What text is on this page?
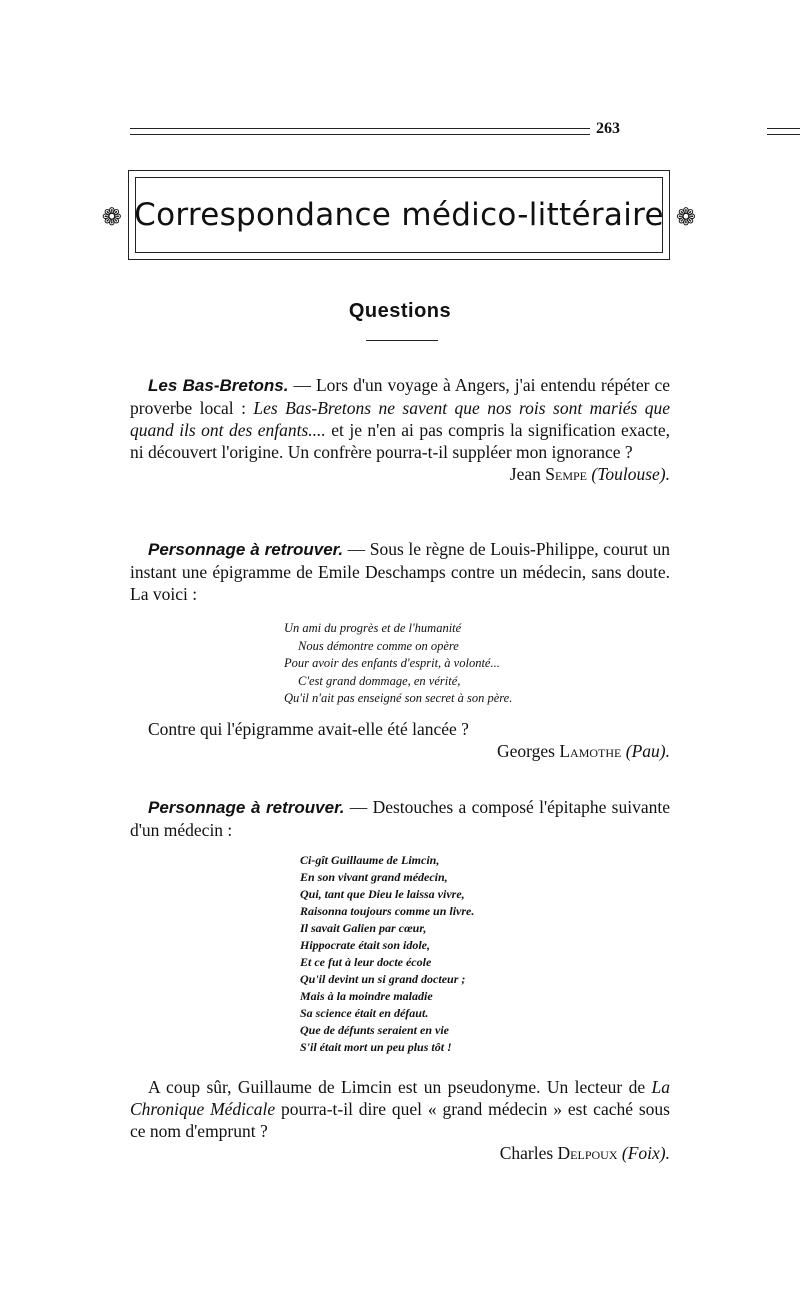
263
❁ Correspondance médico-littéraire ❁
Questions

Les Bas-Bretons. — Lors d'un voyage à Angers, j'ai entendu répéter ce proverbe local : Les Bas-Bretons ne savent que nos rois sont mariés que quand ils ont des enfants.... et je n'en ai pas compris la signification exacte, ni découvert l'origine. Un confrère pourra-t-il suppléer mon ignorance ?

Jean Sempe (Toulouse).

Personnage à retrouver. — Sous le règne de Louis-Philippe, courut un instant une épigramme de Emile Deschamps contre un médecin, sans doute. La voici :

Un ami du progrès et de l'humanité
Nous démontre comme on opère
Pour avoir des enfants d'esprit, à volonté...
C'est grand dommage, en vérité,
Qu'il n'ait pas enseigné son secret à son père.

Contre qui l'épigramme avait-elle été lancée ?

Georges Lamothe (Pau).

Personnage à retrouver. — Destouches a composé l'épitaphe suivante d'un médecin :

Ci-gît Guillaume de Limcin,
En son vivant grand médecin,
Qui, tant que Dieu le laissa vivre,
Raisonna toujours comme un livre.
Il savait Galien par cœur,
Hippocrate était son idole,
Et ce fut à leur docte école
Qu'il devint un si grand docteur ;
Mais à la moindre maladie
Sa science était en défaut.
Que de défunts seraient en vie
S'il était mort un peu plus tôt !

A coup sûr, Guillaume de Limcin est un pseudonyme. Un lecteur de La Chronique Médicale pourra-t-il dire quel « grand médecin » est caché sous ce nom d'emprunt ?

Charles Delpoux (Foix).
